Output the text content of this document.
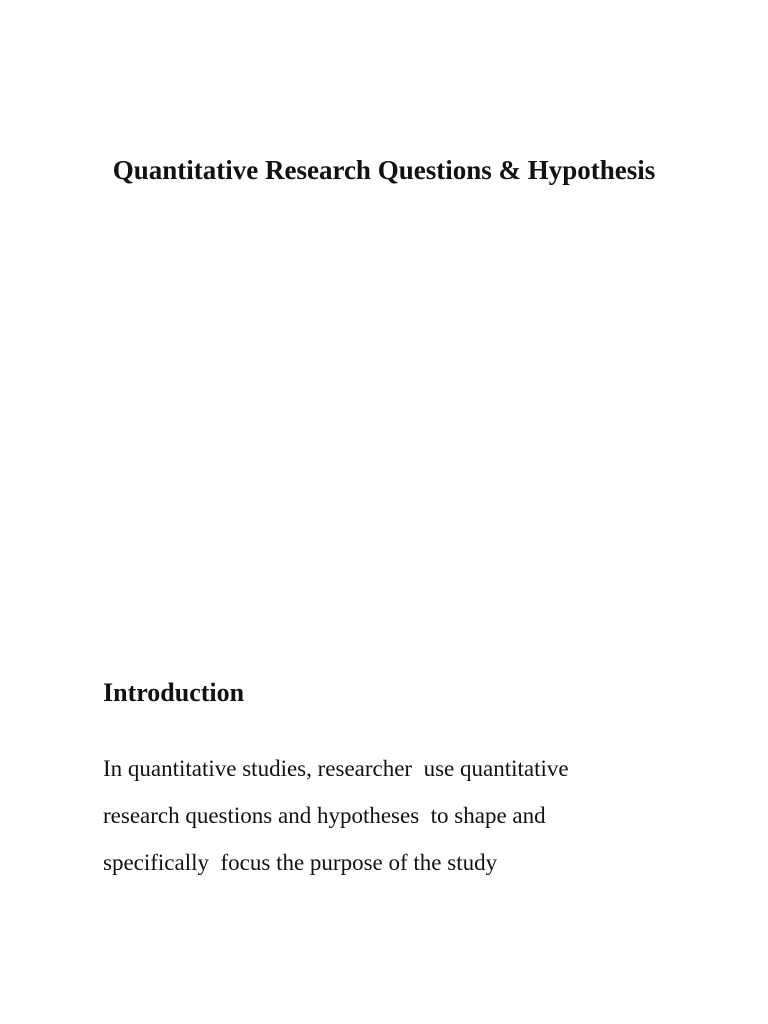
Quantitative Research Questions & Hypothesis
Introduction
In quantitative studies, researcher  use quantitative
research questions and hypotheses  to shape and
specifically  focus the purpose of the study
